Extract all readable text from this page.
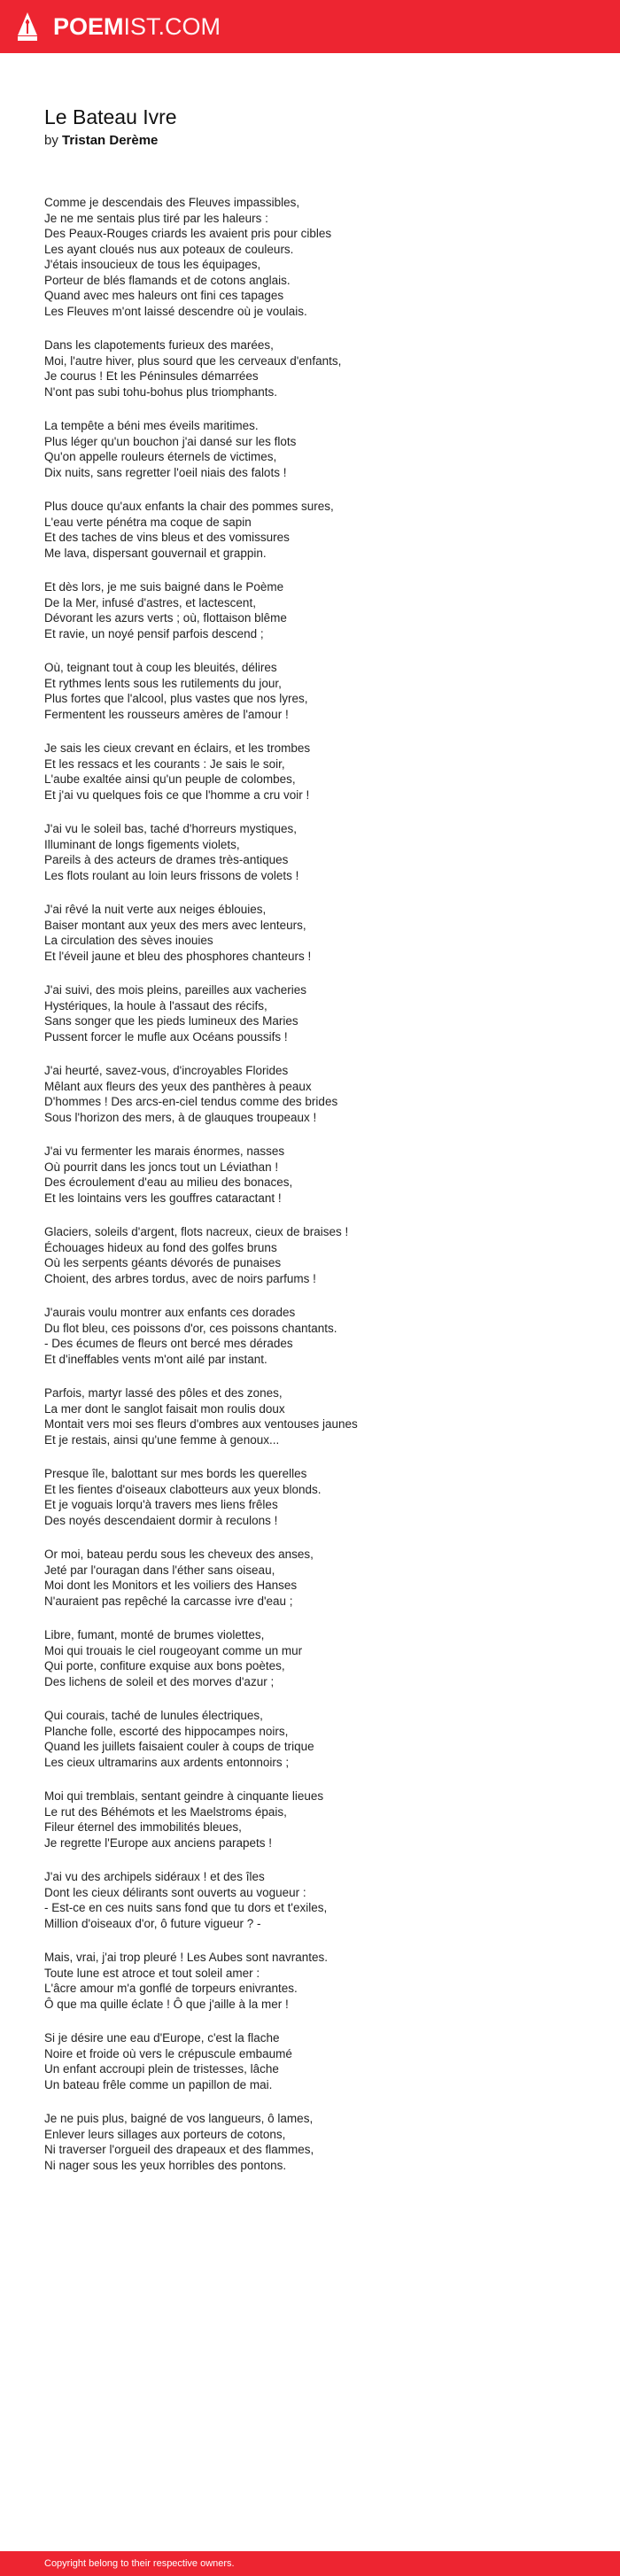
POEMIST.COM
Le Bateau Ivre
by Tristan Derème
Comme je descendais des Fleuves impassibles,
Je ne me sentais plus tiré par les haleurs :
Des Peaux-Rouges criards les avaient pris pour cibles
Les ayant cloués nus aux poteaux de couleurs.
J'étais insoucieux de tous les équipages,
Porteur de blés flamands et de cotons anglais.
Quand avec mes haleurs ont fini ces tapages
Les Fleuves m'ont laissé descendre où je voulais.
Dans les clapotements furieux des marées,
Moi, l'autre hiver, plus sourd que les cerveaux d'enfants,
Je courus ! Et les Péninsules démarrées
N'ont pas subi tohu-bohus plus triomphants.
La tempête a béni mes éveils maritimes.
Plus léger qu'un bouchon j'ai dansé sur les flots
Qu'on appelle rouleurs éternels de victimes,
Dix nuits, sans regretter l'oeil niais des falots !
Plus douce qu'aux enfants la chair des pommes sures,
L'eau verte pénétra ma coque de sapin
Et des taches de vins bleus et des vomissures
Me lava, dispersant gouvernail et grappin.
Et dès lors, je me suis baigné dans le Poème
De la Mer, infusé d'astres, et lactescent,
Dévorant les azurs verts ; où, flottaison blême
Et ravie, un noyé pensif parfois descend ;
Où, teignant tout à coup les bleuités, délires
Et rythmes lents sous les rutilements du jour,
Plus fortes que l'alcool, plus vastes que nos lyres,
Fermentent les rousseurs amères de l'amour !
Je sais les cieux crevant en éclairs, et les trombes
Et les ressacs et les courants : Je sais le soir,
L'aube exaltée ainsi qu'un peuple de colombes,
Et j'ai vu quelques fois ce que l'homme a cru voir !
J'ai vu le soleil bas, taché d'horreurs mystiques,
Illuminant de longs figements violets,
Pareils à des acteurs de drames très-antiques
Les flots roulant au loin leurs frissons de volets !
J'ai rêvé la nuit verte aux neiges éblouies,
Baiser montant aux yeux des mers avec lenteurs,
La circulation des sèves inouies
Et l'éveil jaune et bleu des phosphores chanteurs !
J'ai suivi, des mois pleins, pareilles aux vacheries
Hystériques, la houle à l'assaut des récifs,
Sans songer que les pieds lumineux des Maries
Pussent forcer le mufle aux Océans poussifs !
J'ai heurté, savez-vous, d'incroyables Florides
Mêlant aux fleurs des yeux des panthères à peaux
D'hommes ! Des arcs-en-ciel tendus comme des brides
Sous l'horizon des mers, à de glauques troupeaux !
J'ai vu fermenter les marais énormes, nasses
Où pourrit dans les joncs tout un Léviathan !
Des écroulement d'eau au milieu des bonaces,
Et les lointains vers les gouffres cataractant !
Glaciers, soleils d'argent, flots nacreux, cieux de braises !
Échouages hideux au fond des golfes bruns
Où les serpents géants dévorés de punaises
Choient, des arbres tordus, avec de noirs parfums !
J'aurais voulu montrer aux enfants ces dorades
Du flot bleu, ces poissons d'or, ces poissons chantants.
- Des écumes de fleurs ont bercé mes dérades
Et d'ineffables vents m'ont ailé par instant.
Parfois, martyr lassé des pôles et des zones,
La mer dont le sanglot faisait mon roulis doux
Montait vers moi ses fleurs d'ombres aux ventouses jaunes
Et je restais, ainsi qu'une femme à genoux...
Presque île, balottant sur mes bords les querelles
Et les fientes d'oiseaux clabotteurs aux yeux blonds.
Et je voguais lorqu'à travers mes liens frêles
Des noyés descendaient dormir à reculons !
Or moi, bateau perdu sous les cheveux des anses,
Jeté par l'ouragan dans l'éther sans oiseau,
Moi dont les Monitors et les voiliers des Hanses
N'auraient pas repêché la carcasse ivre d'eau ;
Libre, fumant, monté de brumes violettes,
Moi qui trouais le ciel rougeoyant comme un mur
Qui porte, confiture exquise aux bons poètes,
Des lichens de soleil et des morves d'azur ;
Qui courais, taché de lunules électriques,
Planche folle, escorté des hippocampes noirs,
Quand les juillets faisaient couler à coups de trique
Les cieux ultramarins aux ardents entonnoirs ;
Moi qui tremblais, sentant geindre à cinquante lieues
Le rut des Béhémots et les Maelstroms épais,
Fileur éternel des immobilités bleues,
Je regrette l'Europe aux anciens parapets !
J'ai vu des archipels sidéraux ! et des îles
Dont les cieux délirants sont ouverts au vogueur :
- Est-ce en ces nuits sans fond que tu dors et t'exiles,
Million d'oiseaux d'or, ô future vigueur ? -
Mais, vrai, j'ai trop pleuré ! Les Aubes sont navrantes.
Toute lune est atroce et tout soleil amer :
L'âcre amour m'a gonflé de torpeurs enivrantes.
Ô que ma quille éclate ! Ô que j'aille à la mer !
Si je désire une eau d'Europe, c'est la flache
Noire et froide où vers le crépuscule embaumé
Un enfant accroupi plein de tristesses, lâche
Un bateau frêle comme un papillon de mai.
Je ne puis plus, baigné de vos langueurs, ô lames,
Enlever leurs sillages aux porteurs de cotons,
Ni traverser l'orgueil des drapeaux et des flammes,
Ni nager sous les yeux horribles des pontons.
Copyright belong to their respective owners.
